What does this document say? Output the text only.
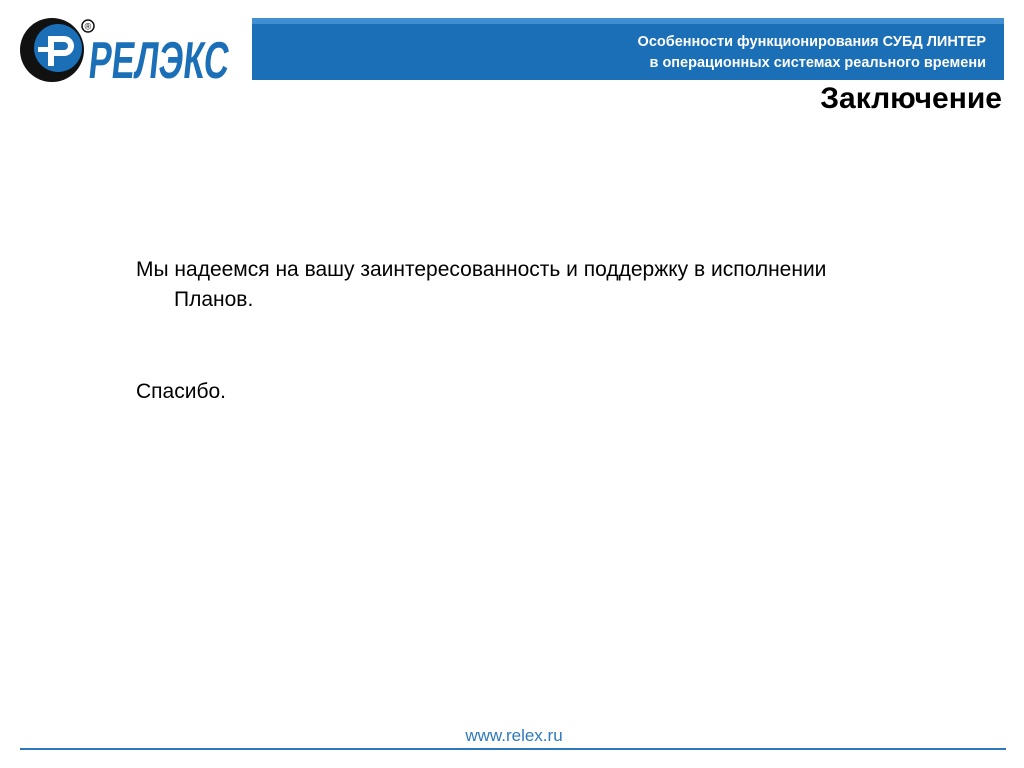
®
РЕЛЭКС	Особенности функционирования СУБД ЛИНТЕР
в операционных системах реального времени
Заключение

Мы надеемся на вашу заинтересованность и поддержку в исполнении Планов.

Спасибо.

www.relex.ru
